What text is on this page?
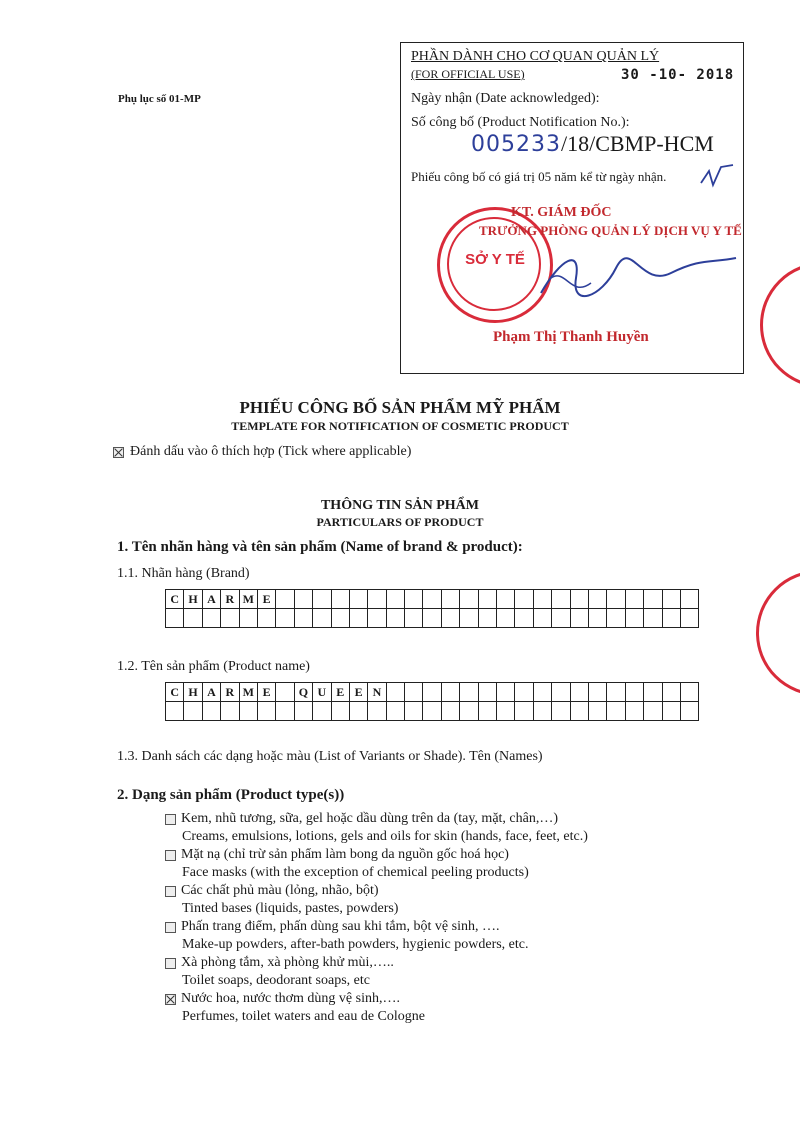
Phụ lục số 01-MP
PHẦN DÀNH CHO CƠ QUAN QUẢN LÝ
(FOR OFFICIAL USE)	30 -10- 2018
Ngày nhận (Date acknowledged):
Số công bố (Product Notification No.):
005233/18/CBMP-HCM
Phiếu công bố có giá trị 05 năm kể từ ngày nhận.
SỞ Y TẾ
KT. GIÁM ĐỐC
TRƯỞNG PHÒNG QUẢN LÝ DỊCH VỤ Y TẾ
Phạm Thị Thanh Huyền
PHIẾU CÔNG BỐ SẢN PHẨM MỸ PHẨM
TEMPLATE FOR NOTIFICATION OF COSMETIC PRODUCT
Đánh dấu vào ô thích hợp (Tick where applicable)
THÔNG TIN SẢN PHẨM
PARTICULARS OF PRODUCT
1. Tên nhãn hàng và tên sản phẩm (Name of brand & product):
1.1. Nhãn hàng (Brand)
C	H	A	R	M	E																							

1.2. Tên sản phẩm (Product name)
C	H	A	R	M	E		Q	U	E	E	N																	

1.3. Danh sách các dạng hoặc màu (List of Variants or Shade). Tên (Names)
2. Dạng sản phẩm (Product type(s))
Kem, nhũ tương, sữa, gel hoặc dầu dùng trên da (tay, mặt, chân,…)
Creams, emulsions, lotions, gels and oils for skin (hands, face, feet, etc.)
Mặt nạ (chỉ trừ sản phẩm làm bong da nguồn gốc hoá học)
Face masks (with the exception of chemical peeling products)
Các chất phủ màu (lỏng, nhão, bột)
Tinted bases (liquids, pastes, powders)
Phấn trang điểm, phấn dùng sau khi tắm, bột vệ sinh, ….
Make-up powders, after-bath powders, hygienic powders, etc.
Xà phòng tắm, xà phòng khử mùi,…..
Toilet soaps, deodorant soaps, etc
Nước hoa, nước thơm dùng vệ sinh,….
Perfumes, toilet waters and eau de Cologne
